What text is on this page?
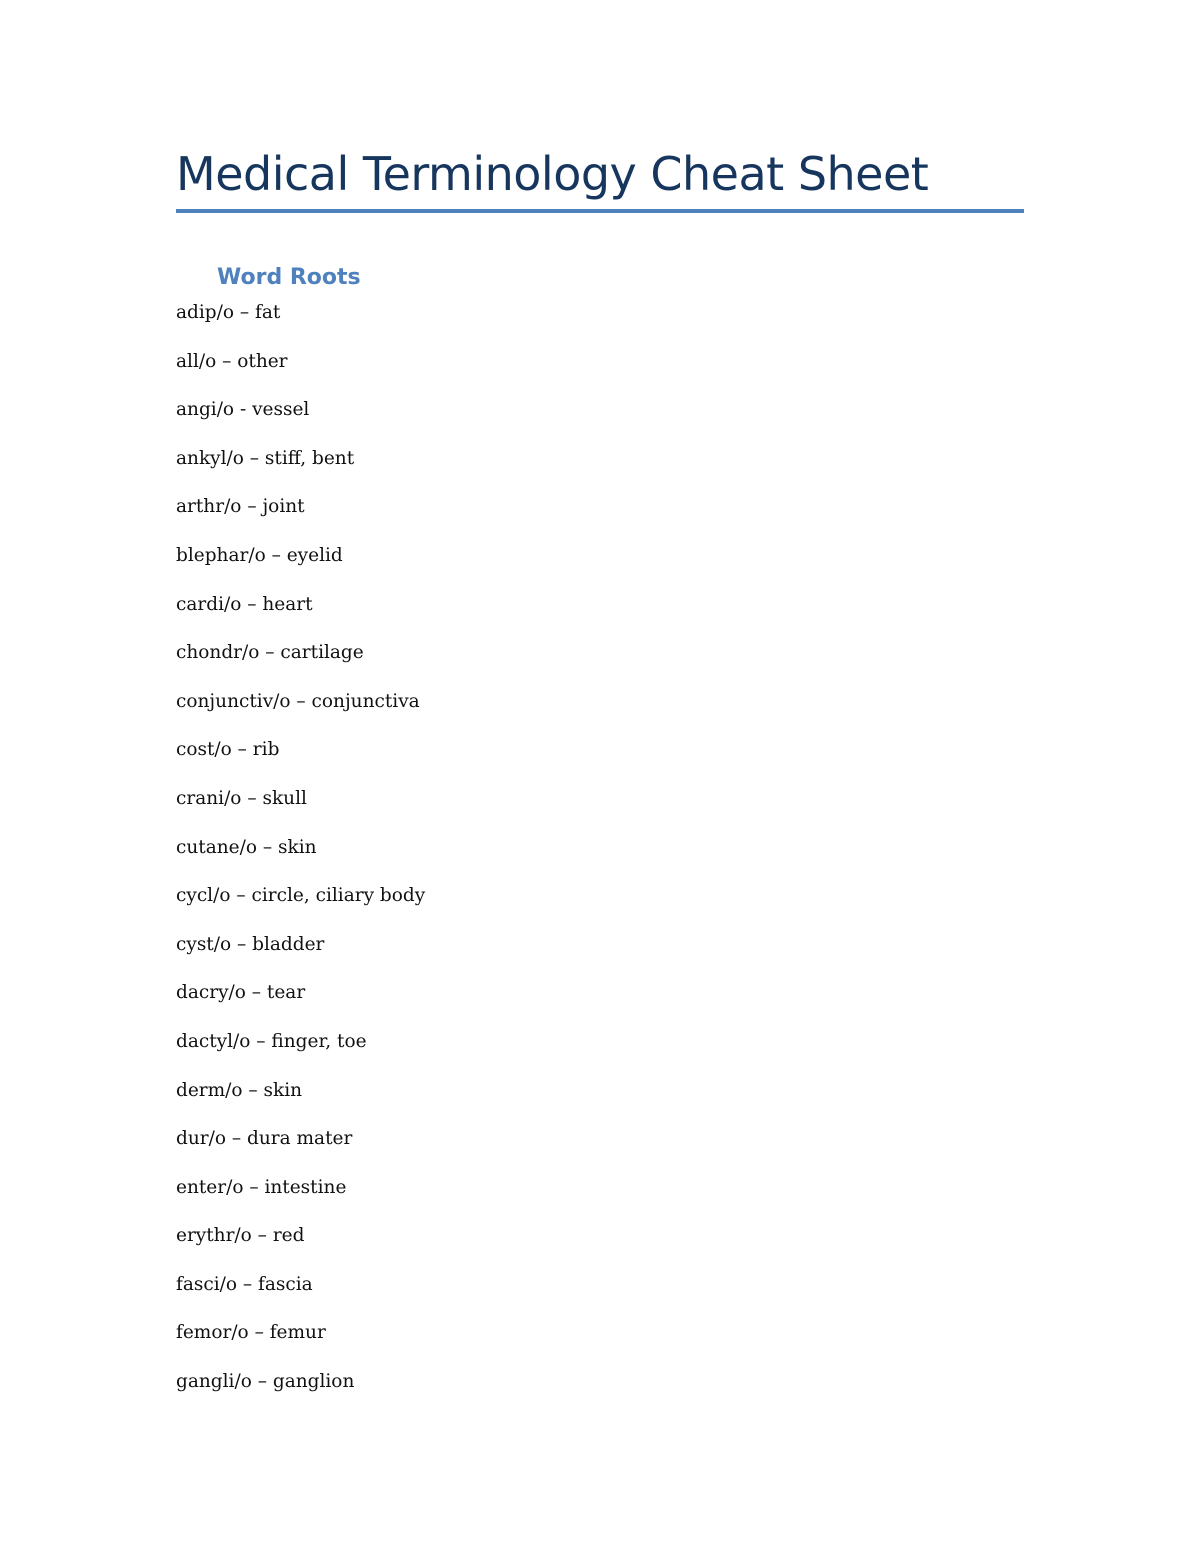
Medical Terminology Cheat Sheet
Word Roots
adip/o – fat
all/o – other
angi/o - vessel
ankyl/o – stiff, bent
arthr/o – joint
blephar/o – eyelid
cardi/o – heart
chondr/o – cartilage
conjunctiv/o – conjunctiva
cost/o – rib
crani/o – skull
cutane/o – skin
cycl/o – circle, ciliary body
cyst/o – bladder
dacry/o – tear
dactyl/o – finger, toe
derm/o – skin
dur/o – dura mater
enter/o – intestine
erythr/o – red
fasci/o – fascia
femor/o – femur
gangli/o – ganglion
